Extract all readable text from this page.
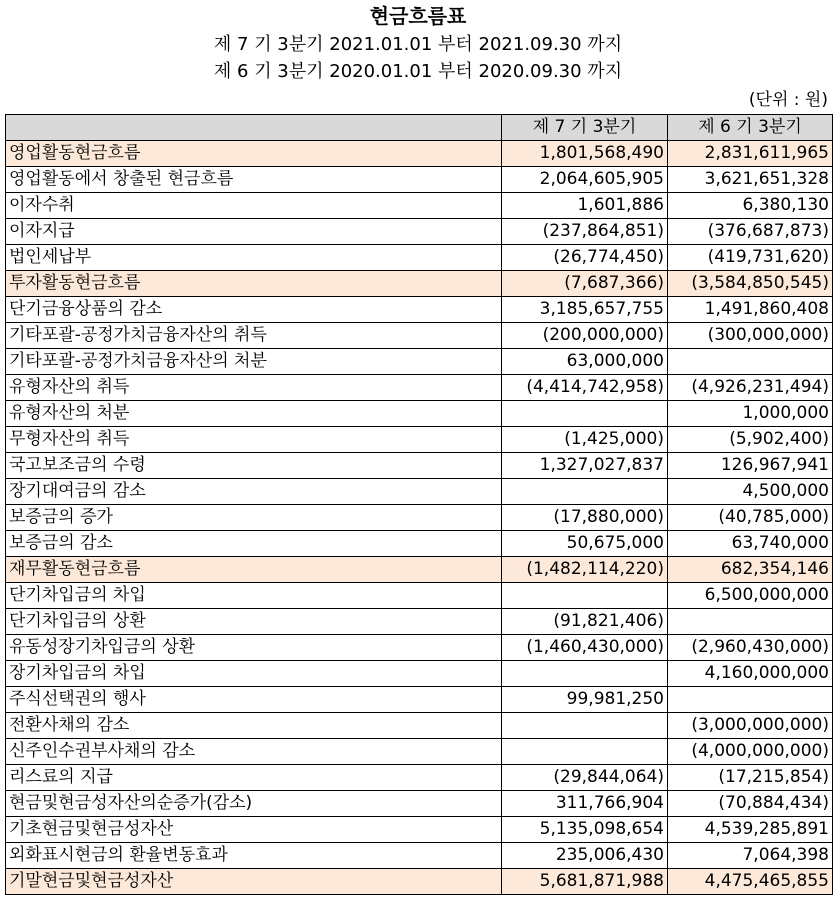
현금흐름표
제 7 기 3분기 2021.01.01 부터 2021.09.30 까지
제 6 기 3분기 2020.01.01 부터 2020.09.30 까지
(단위 : 원)
	제 7 기 3분기	제 6 기 3분기
영업활동현금흐름	1,801,568,490	2,831,611,965
영업활동에서 창출된 현금흐름	2,064,605,905	3,621,651,328
이자수취	1,601,886	6,380,130
이자지급	(237,864,851)	(376,687,873)
법인세납부	(26,774,450)	(419,731,620)
투자활동현금흐름	(7,687,366)	(3,584,850,545)
단기금융상품의 감소	3,185,657,755	1,491,860,408
기타포괄-공정가치금융자산의 취득	(200,000,000)	(300,000,000)
기타포괄-공정가치금융자산의 처분	63,000,000	
유형자산의 취득	(4,414,742,958)	(4,926,231,494)
유형자산의 처분		1,000,000
무형자산의 취득	(1,425,000)	(5,902,400)
국고보조금의 수령	1,327,027,837	126,967,941
장기대여금의 감소		4,500,000
보증금의 증가	(17,880,000)	(40,785,000)
보증금의 감소	50,675,000	63,740,000
재무활동현금흐름	(1,482,114,220)	682,354,146
단기차입금의 차입		6,500,000,000
단기차입금의 상환	(91,821,406)	
유동성장기차입금의 상환	(1,460,430,000)	(2,960,430,000)
장기차입금의 차입		4,160,000,000
주식선택권의 행사	99,981,250	
전환사채의 감소		(3,000,000,000)
신주인수권부사채의 감소		(4,000,000,000)
리스료의 지급	(29,844,064)	(17,215,854)
현금및현금성자산의순증가(감소)	311,766,904	(70,884,434)
기초현금및현금성자산	5,135,098,654	4,539,285,891
외화표시현금의 환율변동효과	235,006,430	7,064,398
기말현금및현금성자산	5,681,871,988	4,475,465,855
